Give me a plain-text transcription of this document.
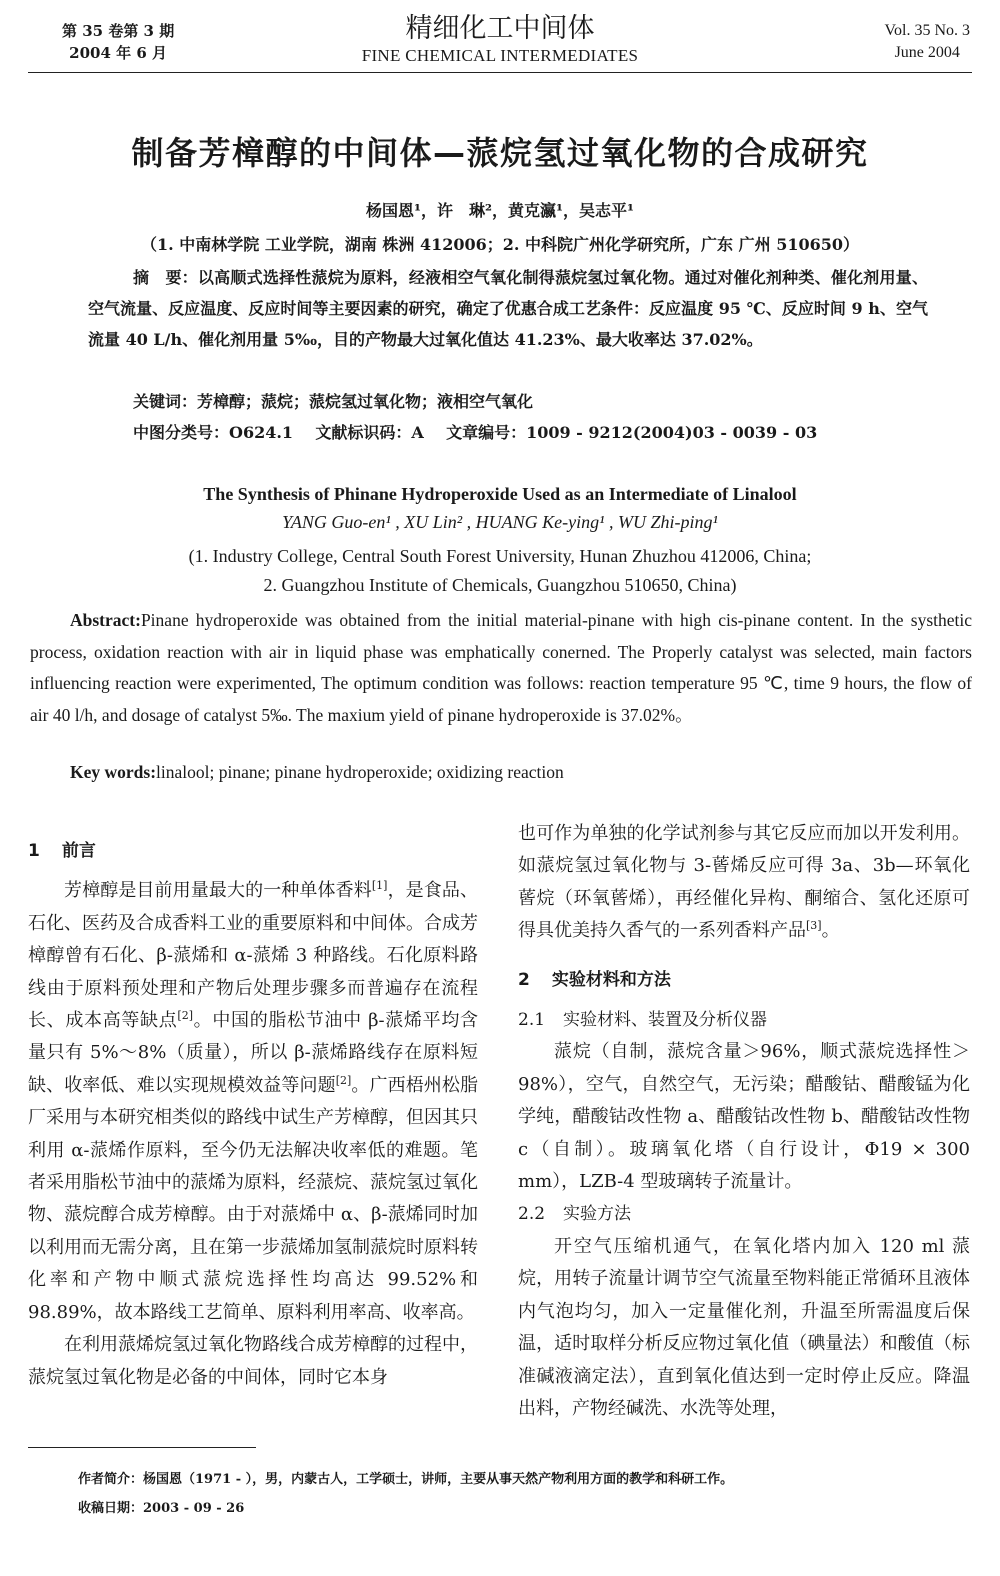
第 35 卷第 3 期
2004 年 6 月
精细化工中间体
FINE CHEMICAL INTERMEDIATES
Vol. 35 No. 3
June 2004
制备芳樟醇的中间体—蒎烷氢过氧化物的合成研究
杨国恩¹，许　琳²，黄克瀛¹，吴志平¹
（1. 中南林学院 工业学院，湖南 株洲 412006；2. 中科院广州化学研究所，广东 广州 510650）
摘　要：以高顺式选择性蒎烷为原料，经液相空气氧化制得蒎烷氢过氧化物。通过对催化剂种类、催化剂用量、空气流量、反应温度、反应时间等主要因素的研究，确定了优惠合成工艺条件：反应温度 95 ℃、反应时间 9 h、空气流量 40 L/h、催化剂用量 5‰，目的产物最大过氧化值达 41.23%、最大收率达 37.02%。
关键词：芳樟醇；蒎烷；蒎烷氢过氧化物；液相空气氧化
中图分类号：O624.1 文献标识码：A 文章编号：1009 - 9212(2004)03 - 0039 - 03
The Synthesis of Phinane Hydroperoxide Used as an Intermediate of Linalool
YANG Guo-en¹ , XU Lin² , HUANG Ke-ying¹ , WU Zhi-ping¹
(1. Industry College, Central South Forest University, Hunan Zhuzhou 412006, China;
2. Guangzhou Institute of Chemicals, Guangzhou 510650, China)
Abstract:Pinane hydroperoxide was obtained from the initial material-pinane with high cis-pinane content. In the systhetic process, oxidation reaction with air in liquid phase was emphatically conerned. The Properly catalyst was selected, main factors influencing reaction were experimented, The optimum condition was follows: reaction temperature 95 ℃, time 9 hours, the flow of air 40 l/h, and dosage of catalyst 5‰. The maxium yield of pinane hydroperoxide is 37.02%。
Key words:linalool; pinane; pinane hydroperoxide; oxidizing reaction
1 前言

芳樟醇是目前用量最大的一种单体香料[1]，是食品、石化、医药及合成香料工业的重要原料和中间体。合成芳樟醇曾有石化、β-蒎烯和 α-蒎烯 3 种路线。石化原料路线由于原料预处理和产物后处理步骤多而普遍存在流程长、成本高等缺点[2]。中国的脂松节油中 β-蒎烯平均含量只有 5%～8%（质量），所以 β-蒎烯路线存在原料短缺、收率低、难以实现规模效益等问题[2]。广西梧州松脂厂采用与本研究相类似的路线中试生产芳樟醇，但因其只利用 α-蒎烯作原料，至今仍无法解决收率低的难题。笔者采用脂松节油中的蒎烯为原料，经蒎烷、蒎烷氢过氧化物、蒎烷醇合成芳樟醇。由于对蒎烯中 α、β-蒎烯同时加以利用而无需分离，且在第一步蒎烯加氢制蒎烷时原料转化率和产物中顺式蒎烷选择性均高达 99.52%和 98.89%，故本路线工艺简单、原料利用率高、收率高。

在利用蒎烯烷氢过氧化物路线合成芳樟醇的过程中，蒎烷氢过氧化物是必备的中间体，同时它本身

也可作为单独的化学试剂参与其它反应而加以开发利用。如蒎烷氢过氧化物与 3-蒈烯反应可得 3a、3b—环氧化蒈烷（环氧蒈烯），再经催化异构、酮缩合、氢化还原可得具优美持久香气的一系列香料产品[3]。

2 实验材料和方法
2.1 实验材料、装置及分析仪器

蒎烷（自制，蒎烷含量＞96%，顺式蒎烷选择性＞98%），空气，自然空气，无污染；醋酸钴、醋酸锰为化学纯，醋酸钴改性物 a、醋酸钴改性物 b、醋酸钴改性物 c（自制）。玻璃氧化塔（自行设计，Φ19 × 300 mm），LZB-4 型玻璃转子流量计。

2.2 实验方法

开空气压缩机通气，在氧化塔内加入 120 ml 蒎烷，用转子流量计调节空气流量至物料能正常循环且液体内气泡均匀，加入一定量催化剂，升温至所需温度后保温，适时取样分析反应物过氧化值（碘量法）和酸值（标准碱液滴定法），直到氧化值达到一定时停止反应。降温出料，产物经碱洗、水洗等处理，

作者简介：杨国恩（1971 - ），男，内蒙古人，工学硕士，讲师，主要从事天然产物利用方面的教学和科研工作。
收稿日期：2003 - 09 - 26
